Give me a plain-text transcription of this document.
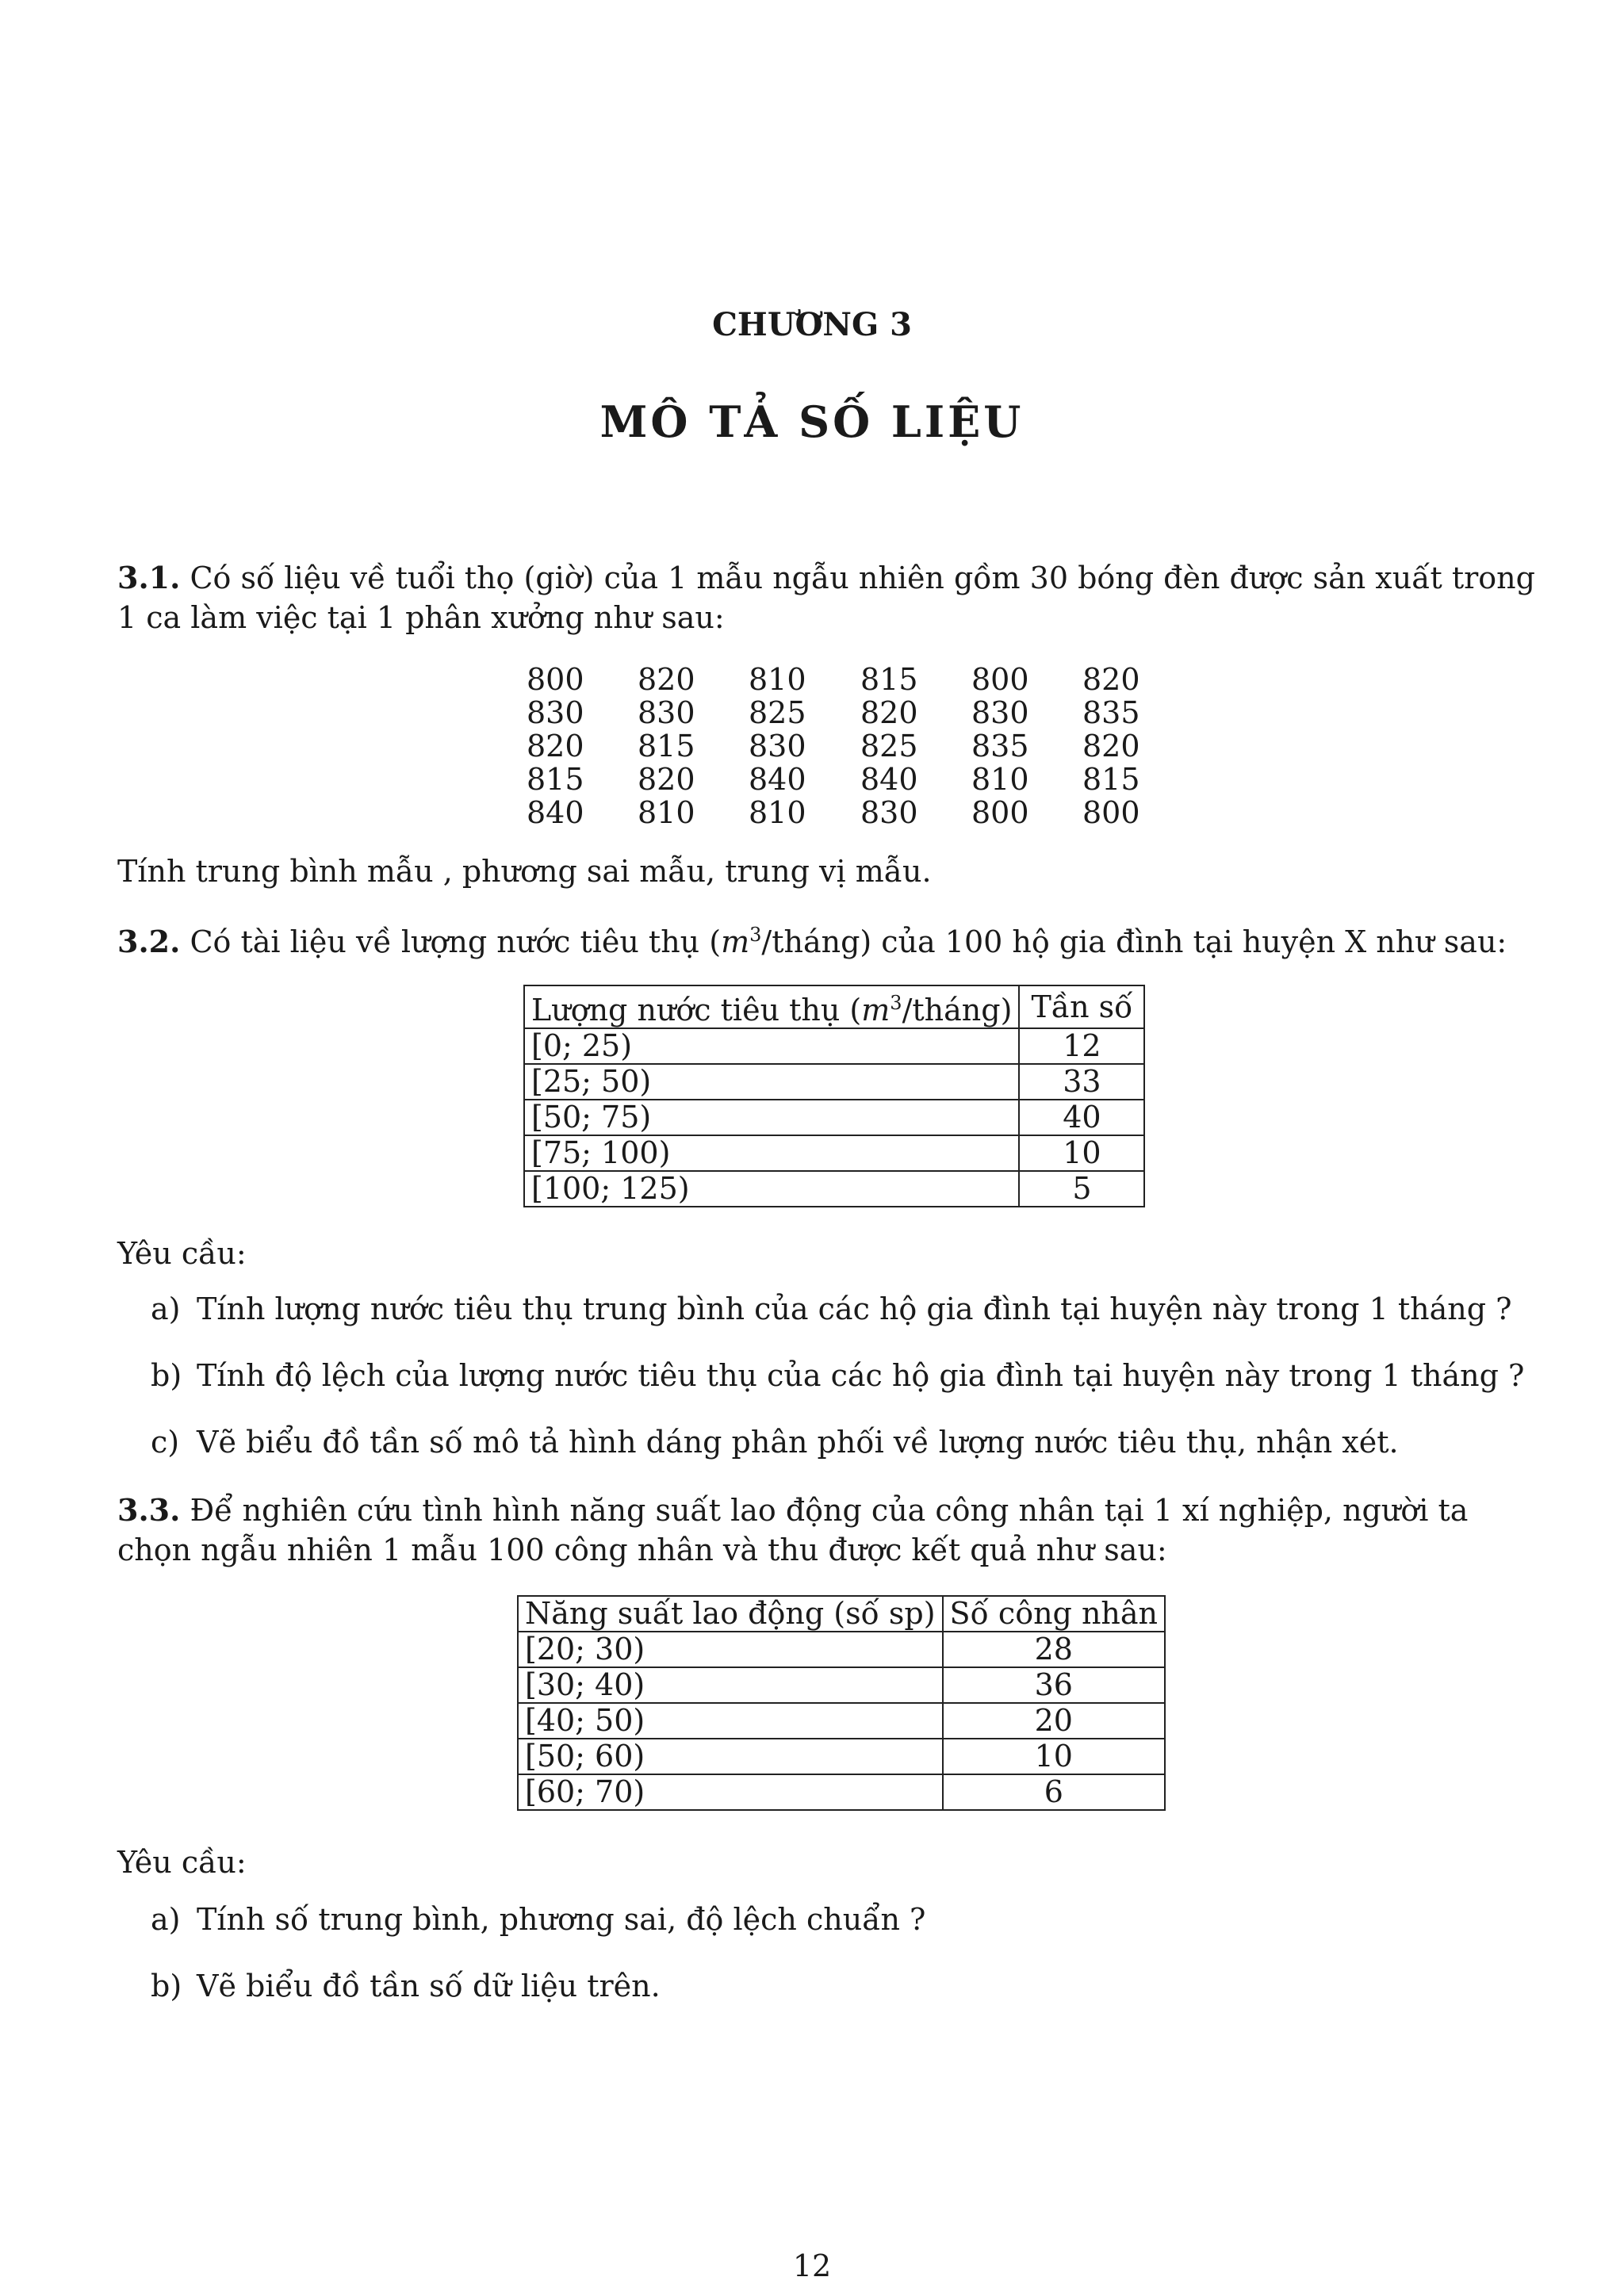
CHƯƠNG 3
MÔ TẢ SỐ LIỆU
3.1. Có số liệu về tuổi thọ (giờ) của 1 mẫu ngẫu nhiên gồm 30 bóng đèn được sản xuất trong 1 ca làm việc tại 1 phân xưởng như sau:
800	820	810	815	800	820
830	830	825	820	830	835
820	815	830	825	835	820
815	820	840	840	810	815
840	810	810	830	800	800
Tính trung bình mẫu , phương sai mẫu, trung vị mẫu.
3.2. Có tài liệu về lượng nước tiêu thụ $(m^3/tháng)$ của 100 hộ gia đình tại huyện X như sau:
Lượng nước tiêu thụ $(m^3/tháng)$	Tần số
[0; 25)	12
[25; 50)	33
[50; 75)	40
[75; 100)	10
[100; 125)	5
Yêu cầu:
a) Tính lượng nước tiêu thụ trung bình của các hộ gia đình tại huyện này trong 1 tháng ?
b) Tính độ lệch của lượng nước tiêu thụ của các hộ gia đình tại huyện này trong 1 tháng ?
c) Vẽ biểu đồ tần số mô tả hình dáng phân phối về lượng nước tiêu thụ, nhận xét.
3.3. Để nghiên cứu tình hình năng suất lao động của công nhân tại 1 xí nghiệp, người ta chọn ngẫu nhiên 1 mẫu 100 công nhân và thu được kết quả như sau:
Năng suất lao động (số sp)	Số công nhân
[20; 30)	28
[30; 40)	36
[40; 50)	20
[50; 60)	10
[60; 70)	6
Yêu cầu:
a) Tính số trung bình, phương sai, độ lệch chuẩn ?
b) Vẽ biểu đồ tần số dữ liệu trên.
12
